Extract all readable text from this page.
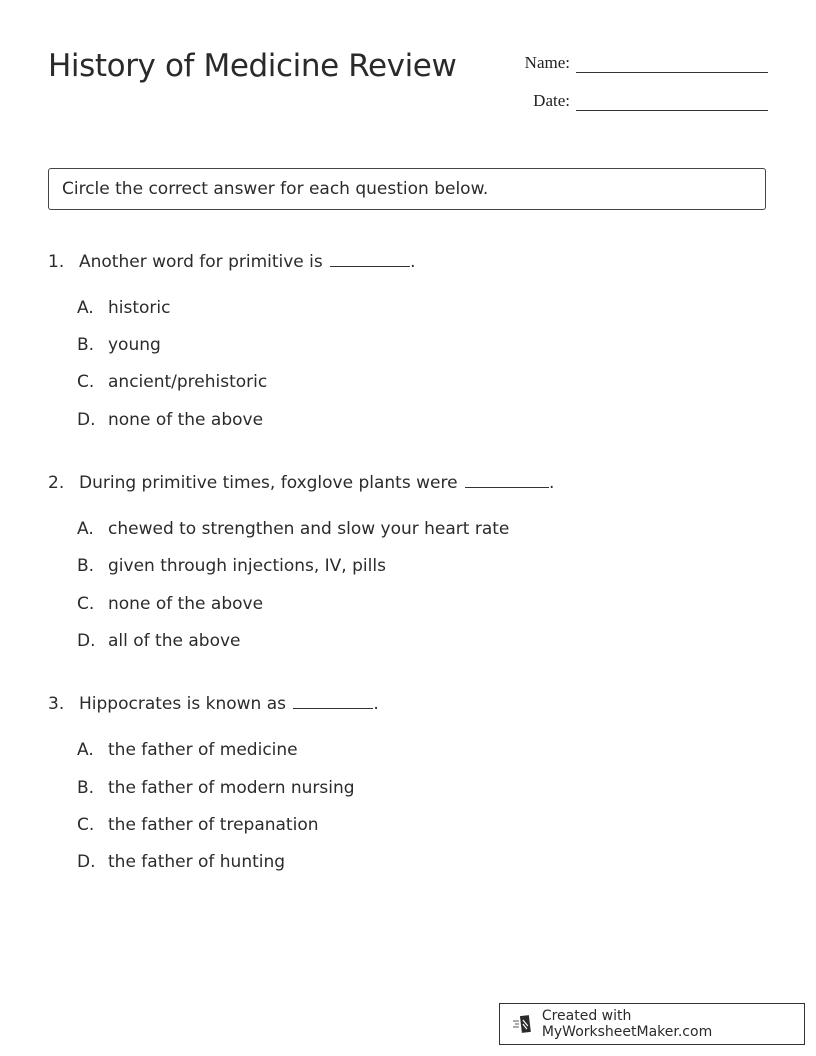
History of Medicine Review	Name:
Date:
Circle the correct answer for each question below.
1. Another word for primitive is	.
A. historic
B. young
C. ancient/prehistoric
D. none of the above
2. During primitive times, foxglove plants were	.
A. chewed to strengthen and slow your heart rate
B. given through injections, IV, pills
C. none of the above
D. all of the above
3. Hippocrates is known as	.
A. the father of medicine
B. the father of modern nursing
C. the father of trepanation
D. the father of hunting
Created with MyWorksheetMaker.com
